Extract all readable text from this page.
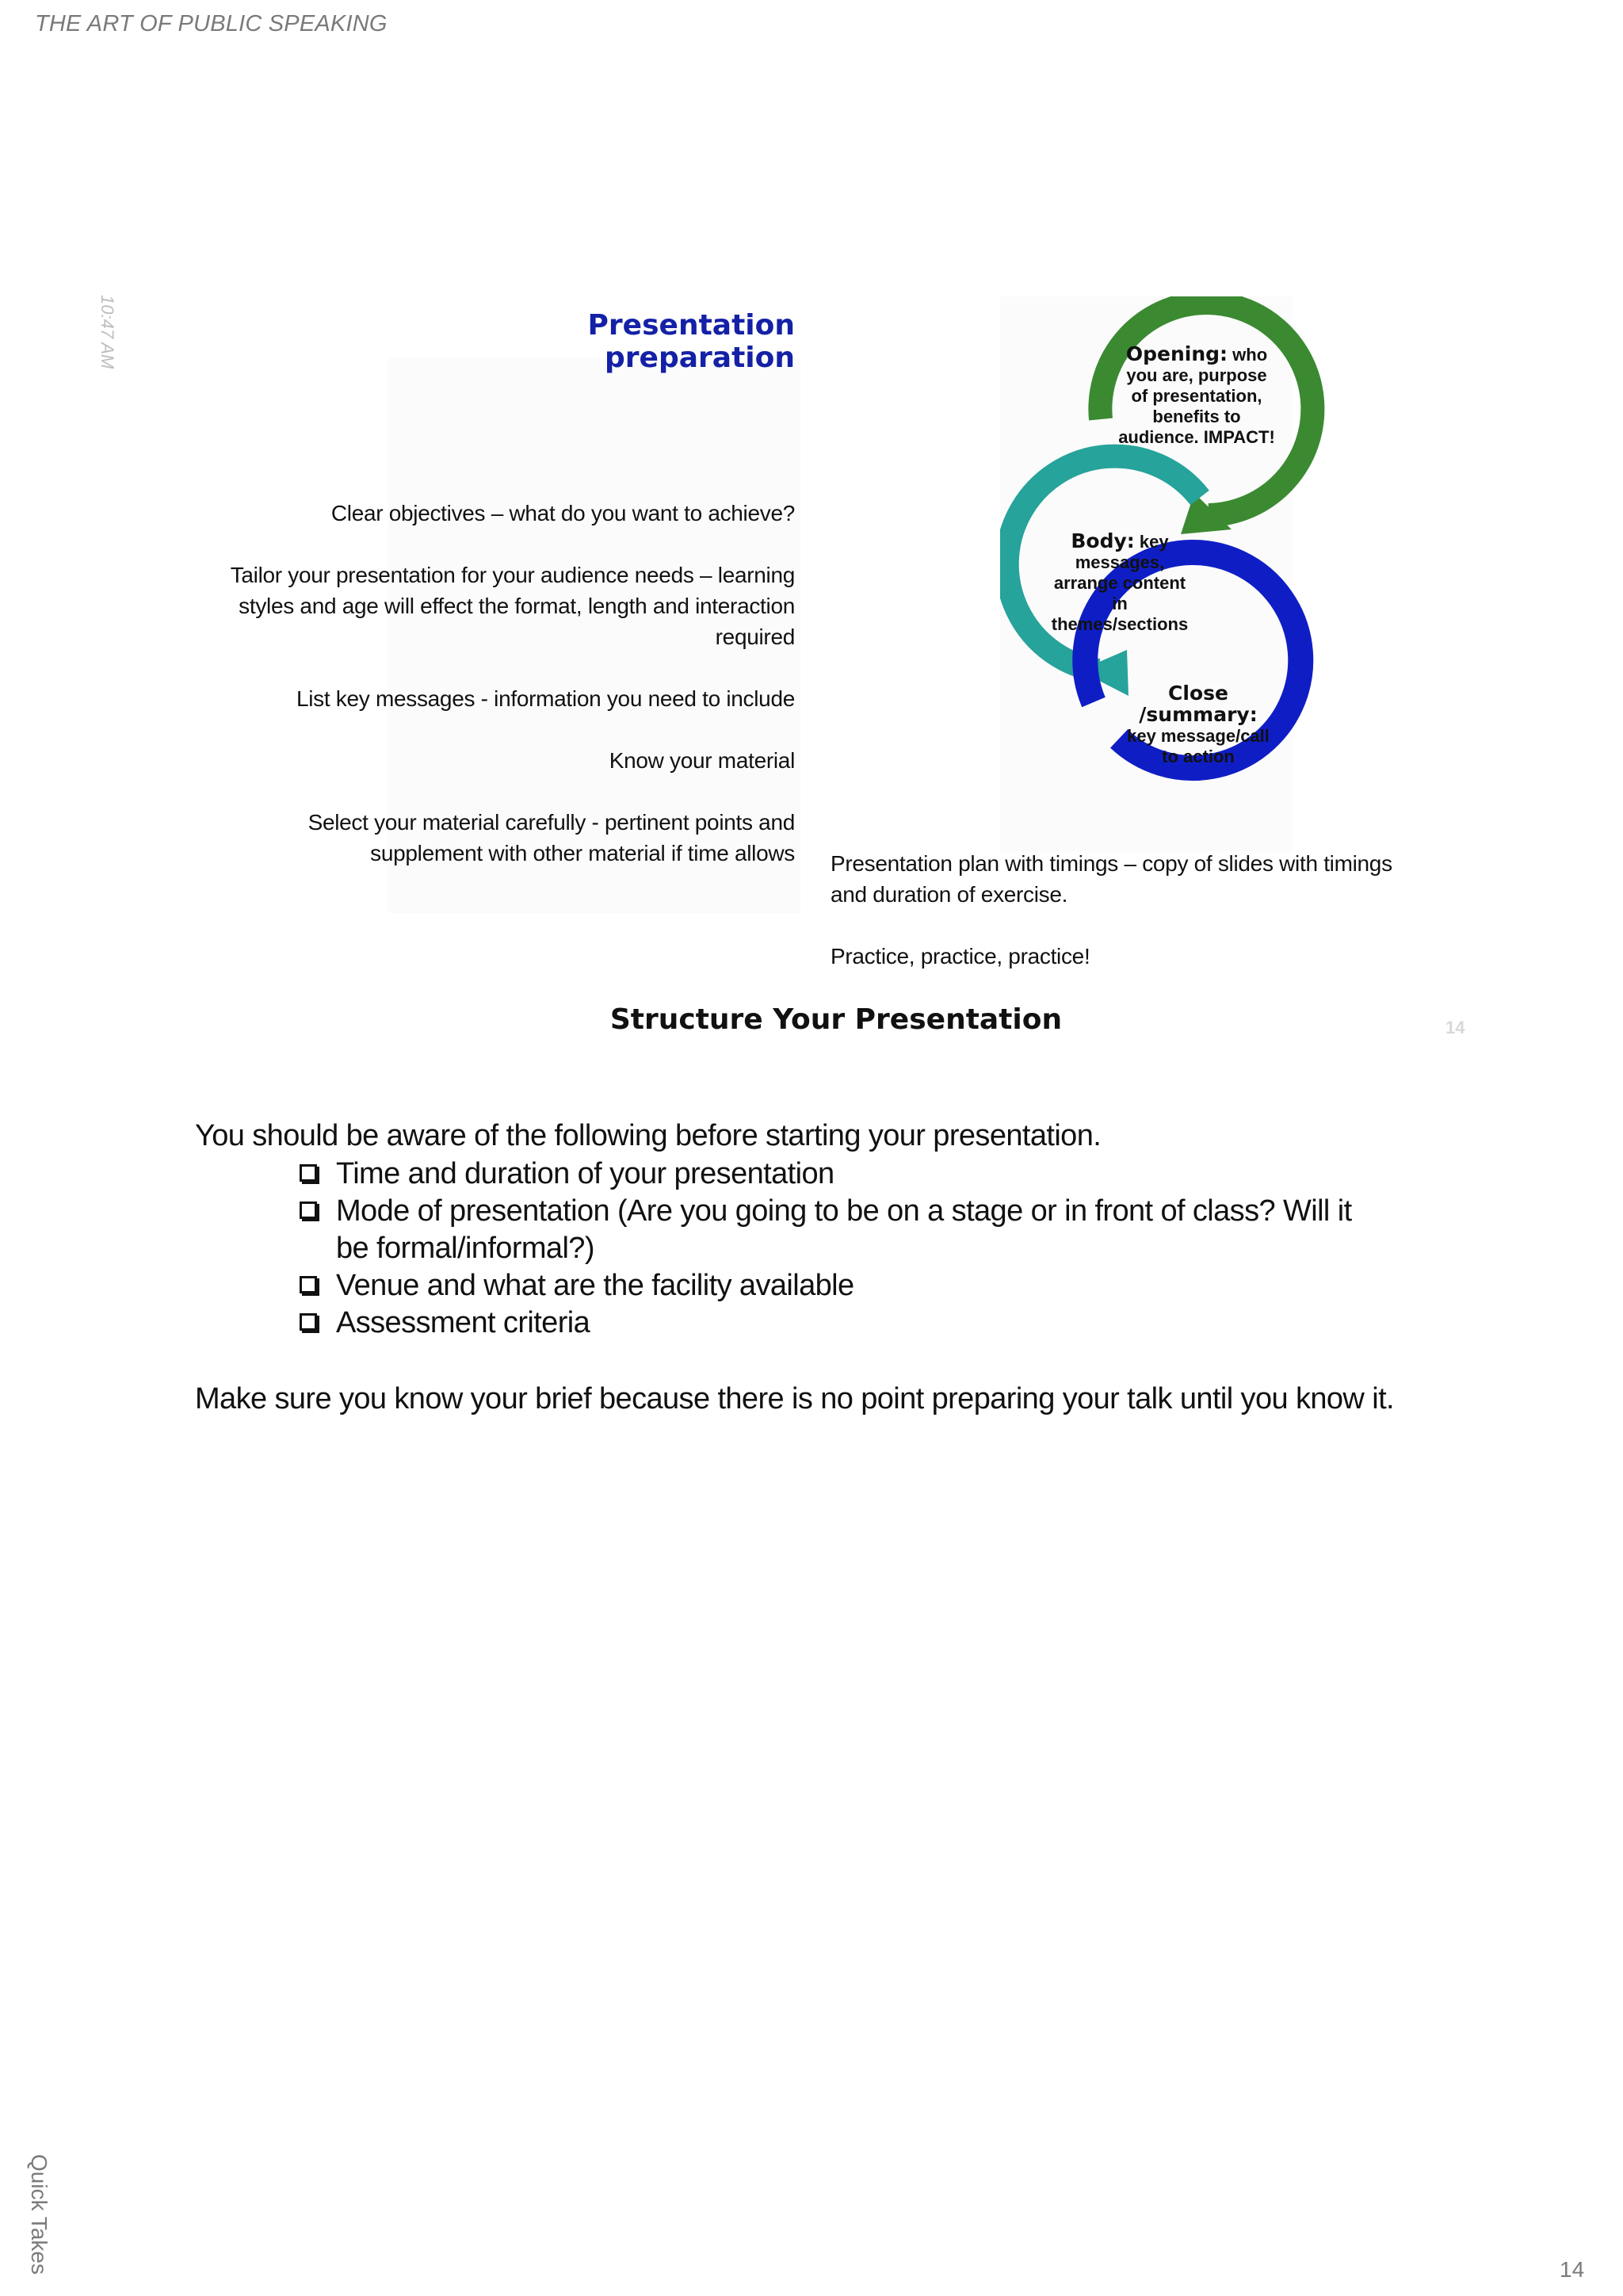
THE ART OF PUBLIC SPEAKING
10:47 AM	Presentation preparation

Clear objectives – what do you want to achieve?

Tailor your presentation for your audience needs – learning styles and age will effect the format, length and interaction required

List key messages - information you need to include

Know your material

Select your material carefully - pertinent points and supplement with other material if time allows

Opening: who you are, purpose of presentation, benefits to audience. IMPACT!
Body: key messages, arrange content in themes/sections
Close /summary: key message/call to action

Presentation plan with timings – copy of slides with timings and duration of exercise.

Practice, practice, practice!

Structure Your Presentation	14
You should be aware of the following before starting your presentation.
Time and duration of your presentation
Mode of presentation (Are you going to be on a stage or in front of class? Will it be formal/informal?)
Venue and what are the facility available
Assessment criteria
Make sure you know your brief because there is no point preparing your talk until you know it.
Quick Takes	14
